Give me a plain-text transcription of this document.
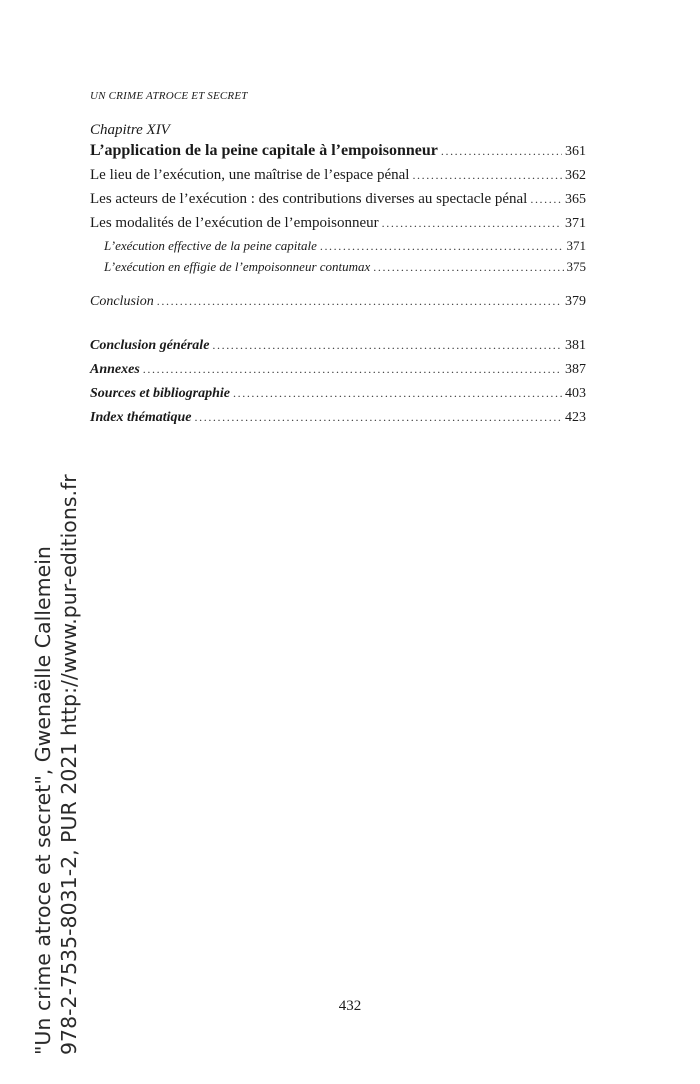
UN CRIME ATROCE ET SECRET
Chapitre XIV
L’application de la peine capitale à l’empoisonneur .....	361
Le lieu de l’exécution, une maîtrise de l’espace pénal .....	362
Les acteurs de l’exécution : des contributions diverses au spectacle pénal .....	365
Les modalités de l’exécution de l’empoisonneur .....	371
L’exécution effective de la peine capitale .....	371
L’exécution en effigie de l’empoisonneur contumax .....	375
Conclusion .....	379
Conclusion générale .....	381
Annexes .....	387
Sources et bibliographie .....	403
Index thématique .....	423
432
"Un crime atroce et secret", Gwenaëlle Callemein 978-2-7535-8031-2, PUR 2021 http://www.pur-editions.fr
